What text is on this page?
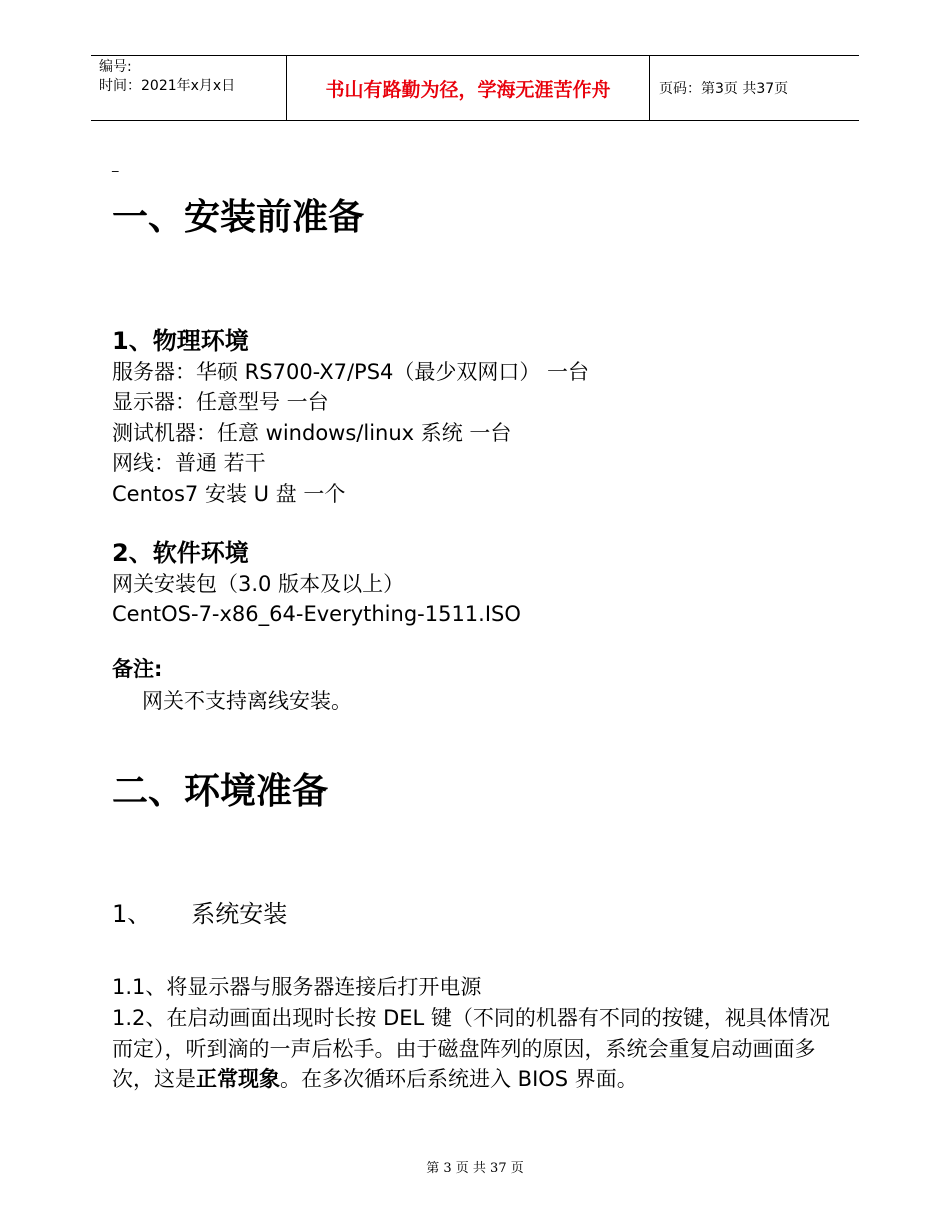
编号:
时间：2021年x月x日	书山有路勤为径，学海无涯苦作舟	页码：第3页 共37页
_
一、安装前准备
1、物理环境
服务器：华硕 RS700-X7/PS4（最少双网口） 一台
显示器：任意型号 一台
测试机器：任意 windows/linux 系统 一台
网线：普通 若干
Centos7 安装 U 盘 一个
2、软件环境
网关安装包（3.0 版本及以上）
CentOS-7-x86_64-Everything-1511.ISO
备注:
网关不支持离线安装。
二、环境准备
1、 系统安装
1.1、将显示器与服务器连接后打开电源
1.2、在启动画面出现时长按 DEL 键（不同的机器有不同的按键，视具体情况而定），听到滴的一声后松手。由于磁盘阵列的原因，系统会重复启动画面多次，这是正常现象。在多次循环后系统进入 BIOS 界面。
第 3 页 共 37 页
